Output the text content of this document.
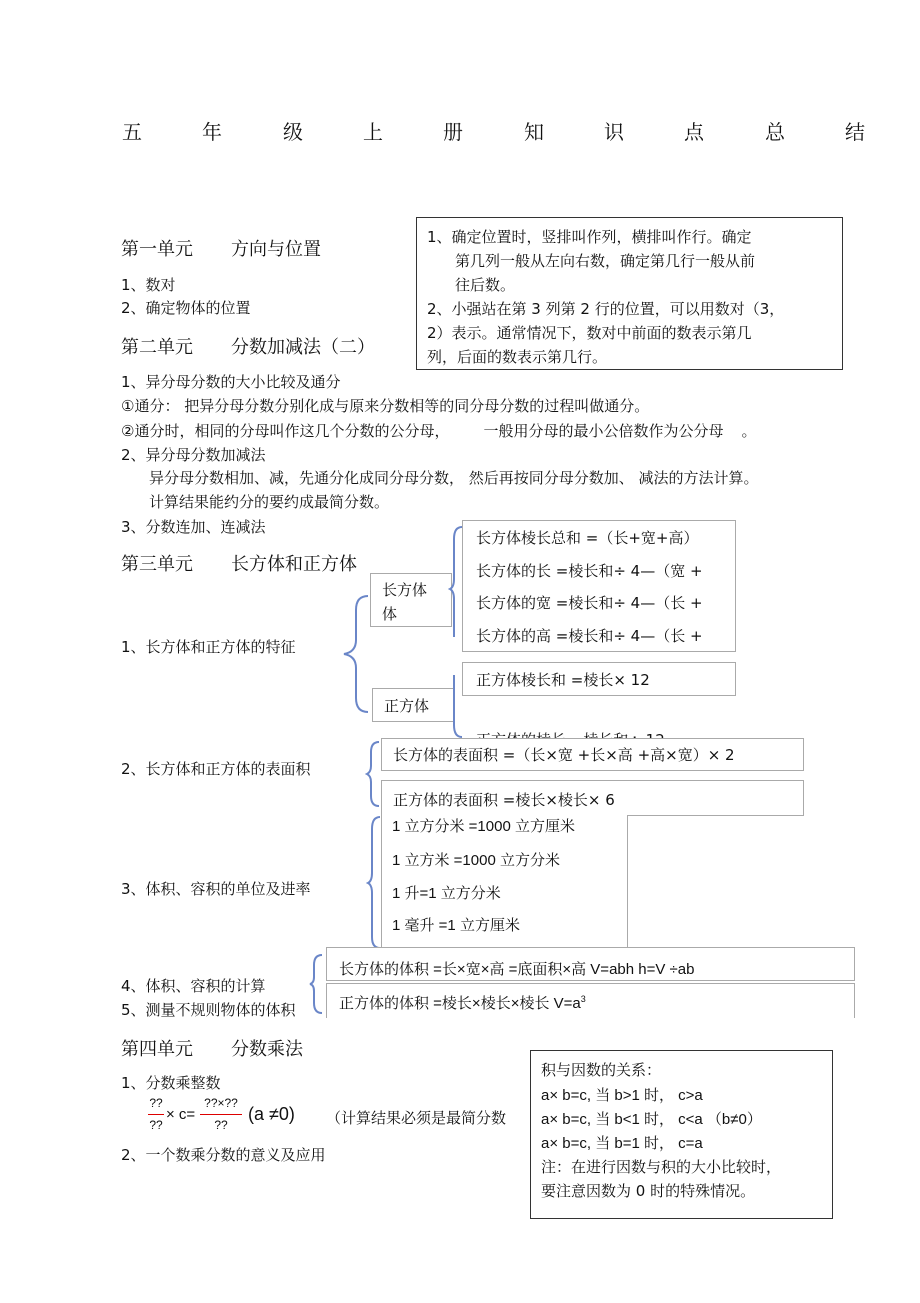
五	年	级	上	册	知	识	点	总	结
1、确定位置时，竖排叫作列，横排叫作行。确定
第几列一般从左向右数，确定第几行一般从前
往后数。
2、小强站在第 3 列第 2 行的位置，可以用数对（3，
2）表示。通常情况下，数对中前面的数表示第几
列，后面的数表示第几行。
第一单元 方向与位置
1、数对
2、确定物体的位置
第二单元 分数加减法（二）
1、异分母分数的大小比较及通分
①通分： 把异分母分数分别化成与原来分数相等的同分母分数的过程叫做通分。
②通分时，相同的分母叫作这几个分数的公分母， 一般用分母的最小公倍数作为公分母 。
2、异分母分数加减法
异分母分数相加、减，先通分化成同分母分数， 然后再按同分母分数加、 减法的方法计算。
计算结果能约分的要约成最简分数。
3、分数连加、连减法
第三单元 长方体和正方体
长方体棱长总和 =（长+宽+高）
长方体的长 =棱长和÷ 4—（宽 +
长方体的宽 =棱长和÷ 4—（长 +
长方体的高 =棱长和÷ 4—（长 +
长方体
体
1、长方体和正方体的特征
正方体
正方体棱长和 =棱长× 12
2、长方体和正方体的表面积
长方体的表面积 =（长×宽 +长×高 +高×宽）× 2
正方体的表面积 =棱长×棱长× 6
3、体积、容积的单位及进率
1 立方分米 =1000 立方厘米
1 立方米 =1000 立方分米
1 升=1 立方分米
1 毫升 =1 立方厘米
4、体积、容积的计算
5、测量不规则物体的体积
长方体的体积 =长×宽×高 =底面积×高 V=abh h=V ÷ab
正方体的体积 =棱长×棱长×棱长 $V=a^3$
第四单元 分数乘法
1、分数乘整数
??
??
× c=
??×??
??
(a ≠0) （计算结果必须是最简分数
2、一个数乘分数的意义及应用
积与因数的关系：
a× b=c, 当 b>1 时， c>a
a× b=c, 当 b<1 时， c<a （b≠0）
a× b=c, 当 b=1 时， c=a
注：在进行因数与积的大小比较时，
要注意因数为 0 时的特殊情况。
